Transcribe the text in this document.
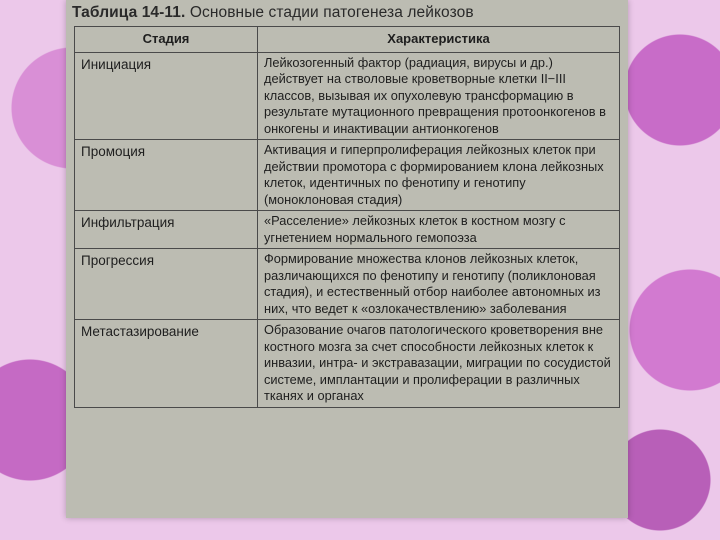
Таблица 14-11. Основные стадии патогенеза лейкозов
Стадия	Характеристика
Инициация	Лейкозогенный фактор (радиация, вирусы и др.) действует на стволовые кроветворные клетки II−III классов, вызывая их опухолевую трансформацию в результате мутационного превращения протоонкогенов в онкогены и инактивации антионкогенов
Промоция	Активация и гиперпролиферация лейкозных клеток при действии промотора с формированием клона лейкозных клеток, идентичных по фенотипу и генотипу (моноклоновая стадия)
Инфильтрация	«Расселение» лейкозных клеток в костном мозгу с угнетением нормального гемопоэза
Прогрессия	Формирование множества клонов лейкозных клеток, различающихся по фенотипу и генотипу (поликлоновая стадия), и естественный отбор наиболее автономных из них, что ведет к «озлокачествлению» заболевания
Метастазирование	Образование очагов патологического кроветворения вне костного мозга за счет способности лейкозных клеток к инвазии, интра- и экстравазации, миграции по сосудистой системе, имплантации и пролиферации в различных тканях и органах
